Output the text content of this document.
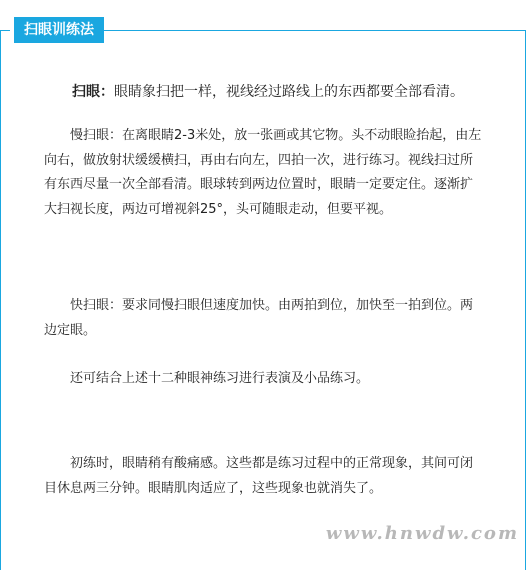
扫眼训练法

扫眼：眼睛象扫把一样，视线经过路线上的东西都要全部看清。

慢扫眼：在离眼睛2-3米处，放一张画或其它物。头不动眼睑抬起，由左向右，做放射状缓缓横扫，再由右向左，四拍一次，进行练习。视线扫过所有东西尽量一次全部看清。眼球转到两边位置时，眼睛一定要定住。逐渐扩大扫视长度，两边可增视斜25°，头可随眼走动，但要平视。

快扫眼：要求同慢扫眼但速度加快。由两拍到位，加快至一拍到位。两边定眼。

还可结合上述十二种眼神练习进行表演及小品练习。

初练时，眼睛稍有酸痛感。这些都是练习过程中的正常现象，其间可闭目休息两三分钟。眼睛肌肉适应了，这些现象也就消失了。

www.hnwdw.com
